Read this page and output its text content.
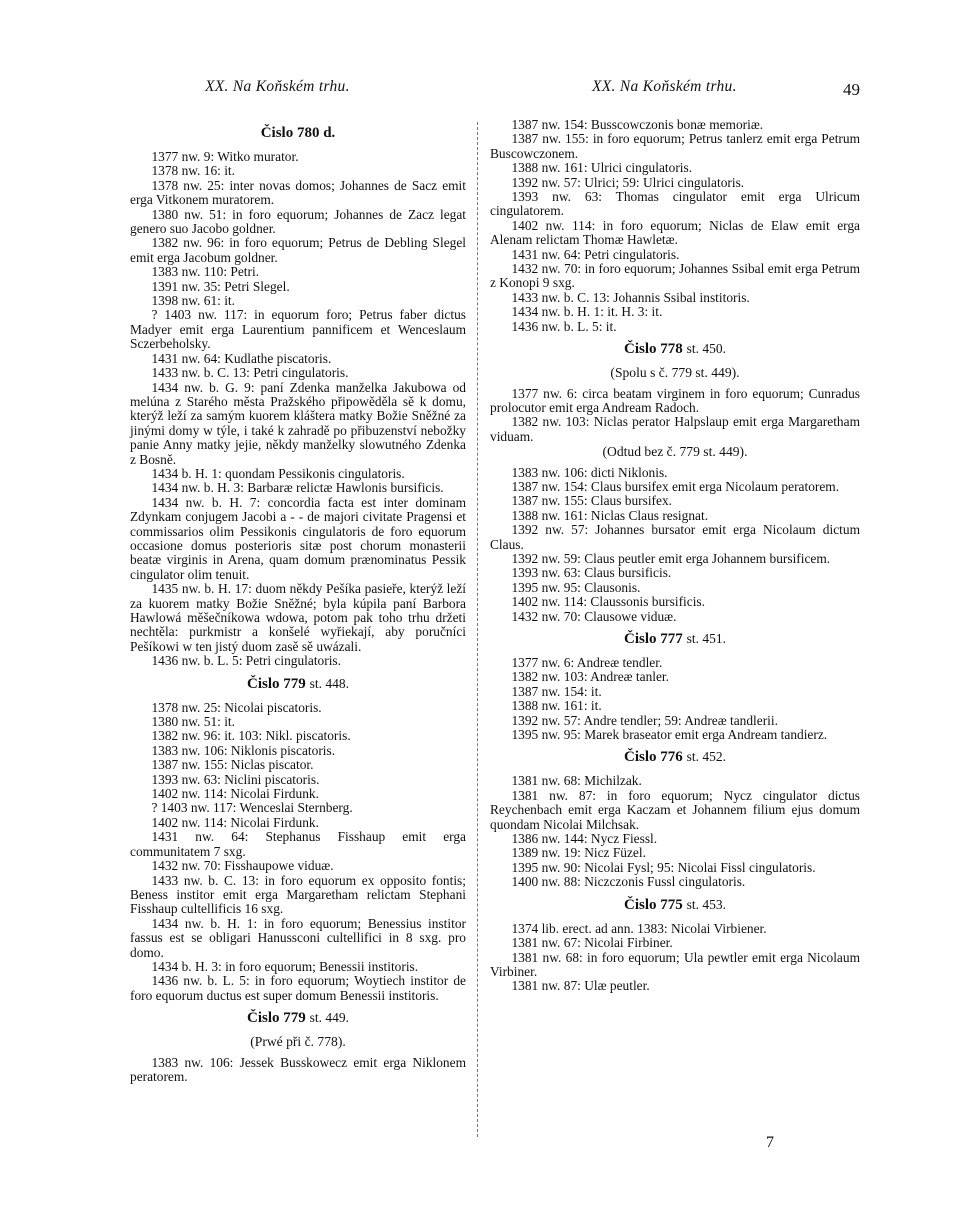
XX. Na Koňském trhu.	XX. Na Koňském trhu.	49
Čislo 780 d.

1377 nw. 9: Witko murator.

1378 nw. 16: it.

1378 nw. 25: inter novas domos; Johannes de Sacz emit erga Vitkonem muratorem.

1380 nw. 51: in foro equorum; Johannes de Zacz legat genero suo Jacobo goldner.

1382 nw. 96: in foro equorum; Petrus de Debling Slegel emit erga Jacobum goldner.

1383 nw. 110: Petri.

1391 nw. 35: Petri Slegel.

1398 nw. 61: it.

? 1403 nw. 117: in equorum foro; Petrus faber dictus Madyer emit erga Laurentium pannificem et Wenceslaum Sczerbeholsky.

1431 nw. 64: Kudlathe piscatoris.

1433 nw. b. C. 13: Petri cingulatoris.

1434 nw. b. G. 9: paní Zdenka manželka Jakubowa od melúna z Starého města Pražského připowěděla sě k domu, kterýž leží za samým kuorem kláštera matky Božie Sněžné za jinými domy w týle, i také k zahradě po přibuzenství nebožky panie Anny matky jejie, někdy manželky slowutného Zdenka z Bosně.

1434 b. H. 1: quondam Pessikonis cingulatoris.

1434 nw. b. H. 3: Barbaræ relictæ Hawlonis bursificis.

1434 nw. b. H. 7: concordia facta est inter dominam Zdynkam conjugem Jacobi a - - de majori civitate Pragensi et commissarios olim Pessikonis cingulatoris de foro equorum occasione domus posterioris sitæ post chorum monasterii beatæ virginis in Arena, quam domum prænominatus Pessik cingulator olim tenuit.

1435 nw. b. H. 17: duom někdy Pešíka pasieře, kterýž leží za kuorem matky Božie Sněžné; byla kúpila paní Barbora Hawlowá měšečníkowa wdowa, potom pak toho trhu držeti nechtěla: purkmistr a konšelé wyřiekají, aby poručníci Pešíkowi w ten jistý duom zasě sě uwázali.

1436 nw. b. L. 5: Petri cingulatoris.

Čislo 779 st. 448.

1378 nw. 25: Nicolai piscatoris.

1380 nw. 51: it.

1382 nw. 96: it. 103: Nikl. piscatoris.

1383 nw. 106: Niklonis piscatoris.

1387 nw. 155: Niclas piscator.

1393 nw. 63: Niclini piscatoris.

1402 nw. 114: Nicolai Firdunk.

? 1403 nw. 117: Wenceslai Sternberg.

1402 nw. 114: Nicolai Firdunk.

1431 nw. 64: Stephanus Fisshaup emit erga communitatem 7 sxg.

1432 nw. 70: Fisshaupowe viduæ.

1433 nw. b. C. 13: in foro equorum ex opposito fontis; Beness institor emit erga Margaretham relictam Stephani Fisshaup cultellificis 16 sxg.

1434 nw. b. H. 1: in foro equorum; Benessius institor fassus est se obligari Hanussconi cultellifici in 8 sxg. pro domo.

1434 b. H. 3: in foro equorum; Benessii institoris.

1436 nw. b. L. 5: in foro equorum; Woytiech institor de foro equorum ductus est super domum Benessii institoris.

Čislo 779 st. 449.
(Prwé při č. 778).

1383 nw. 106: Jessek Busskowecz emit erga Niklonem peratorem.

1387 nw. 154: Busscowczonis bonæ memoriæ.

1387 nw. 155: in foro equorum; Petrus tanlerz emit erga Petrum Buscowczonem.

1388 nw. 161: Ulrici cingulatoris.

1392 nw. 57: Ulrici; 59: Ulrici cingulatoris.

1393 nw. 63: Thomas cingulator emit erga Ulricum cingulatorem.

1402 nw. 114: in foro equorum; Niclas de Elaw emit erga Alenam relictam Thomæ Hawletæ.

1431 nw. 64: Petri cingulatoris.

1432 nw. 70: in foro equorum; Johannes Ssibal emit erga Petrum z Konopi 9 sxg.

1433 nw. b. C. 13: Johannis Ssibal institoris.

1434 nw. b. H. 1: it. H. 3: it.

1436 nw. b. L. 5: it.

Čislo 778 st. 450.
(Spolu s č. 779 st. 449).

1377 nw. 6: circa beatam virginem in foro equorum; Cunradus prolocutor emit erga Andream Radoch.

1382 nw. 103: Niclas perator Halpslaup emit erga Margaretham viduam.

(Odtud bez č. 779 st. 449).

1383 nw. 106: dicti Niklonis.

1387 nw. 154: Claus bursifex emit erga Nicolaum peratorem.

1387 nw. 155: Claus bursifex.

1388 nw. 161: Niclas Claus resignat.

1392 nw. 57: Johannes bursator emit erga Nicolaum dictum Claus.

1392 nw. 59: Claus peutler emit erga Johannem bursificem.

1393 nw. 63: Claus bursificis.

1395 nw. 95: Clausonis.

1402 nw. 114: Claussonis bursificis.

1432 nw. 70: Clausowe viduæ.

Čislo 777 st. 451.

1377 nw. 6: Andreæ tendler.

1382 nw. 103: Andreæ tanler.

1387 nw. 154: it.

1388 nw. 161: it.

1392 nw. 57: Andre tendler; 59: Andreæ tandlerii.

1395 nw. 95: Marek braseator emit erga Andream tandierz.

Čislo 776 st. 452.

1381 nw. 68: Michilzak.

1381 nw. 87: in foro equorum; Nycz cingulator dictus Reychenbach emit erga Kaczam et Johannem filium ejus domum quondam Nicolai Milchsak.

1386 nw. 144: Nycz Fiessl.

1389 nw. 19: Nicz Füzel.

1395 nw. 90: Nicolai Fysl; 95: Nicolai Fissl cingulatoris.

1400 nw. 88: Niczczonis Fussl cingulatoris.

Čislo 775 st. 453.

1374 lib. erect. ad ann. 1383: Nicolai Virbiener.

1381 nw. 67: Nicolai Firbiner.

1381 nw. 68: in foro equorum; Ula pewtler emit erga Nicolaum Virbiner.

1381 nw. 87: Ulæ peutler.

7
